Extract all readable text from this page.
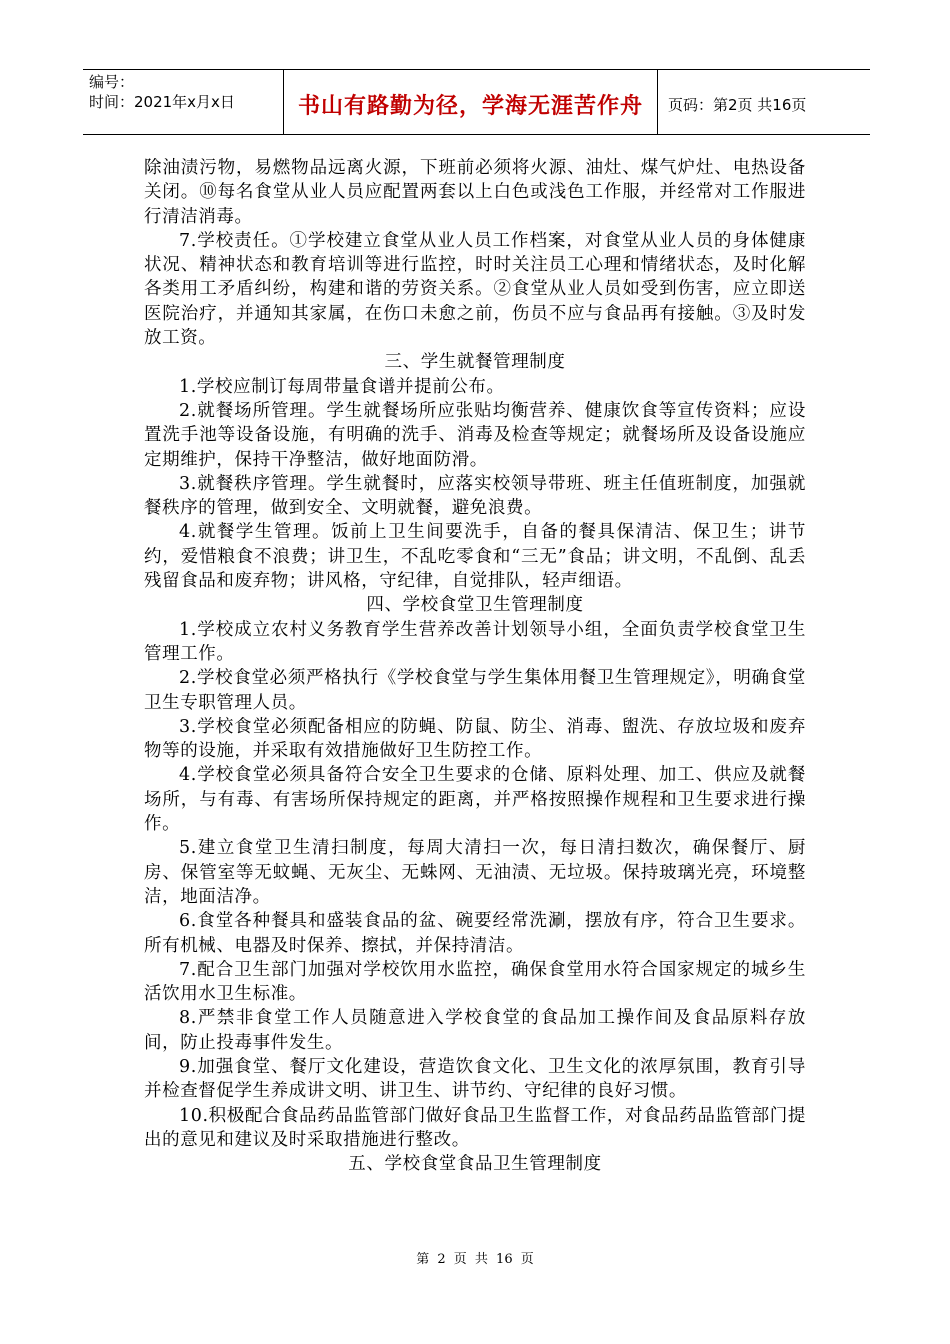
编号：
时间：2021年x月x日	书山有路勤为径，学海无涯苦作舟	页码：第2页 共16页

除油渍污物，易燃物品远离火源，下班前必须将火源、油灶、煤气炉灶、电热设备关闭。⑩每名食堂从业人员应配置两套以上白色或浅色工作服，并经常对工作服进行清洁消毒。

7.学校责任。①学校建立食堂从业人员工作档案，对食堂从业人员的身体健康状况、精神状态和教育培训等进行监控，时时关注员工心理和情绪状态，及时化解各类用工矛盾纠纷，构建和谐的劳资关系。②食堂从业人员如受到伤害，应立即送医院治疗，并通知其家属，在伤口未愈之前，伤员不应与食品再有接触。③及时发放工资。

三、学生就餐管理制度

1.学校应制订每周带量食谱并提前公布。

2.就餐场所管理。学生就餐场所应张贴均衡营养、健康饮食等宣传资料；应设置洗手池等设备设施，有明确的洗手、消毒及检查等规定；就餐场所及设备设施应定期维护，保持干净整洁，做好地面防滑。

3.就餐秩序管理。学生就餐时，应落实校领导带班、班主任值班制度，加强就餐秩序的管理，做到安全、文明就餐，避免浪费。

4.就餐学生管理。饭前上卫生间要洗手，自备的餐具保清洁、保卫生；讲节约，爱惜粮食不浪费；讲卫生，不乱吃零食和“三无”食品；讲文明，不乱倒、乱丢残留食品和废弃物；讲风格，守纪律，自觉排队，轻声细语。

四、学校食堂卫生管理制度

1.学校成立农村义务教育学生营养改善计划领导小组，全面负责学校食堂卫生管理工作。

2.学校食堂必须严格执行《学校食堂与学生集体用餐卫生管理规定》，明确食堂卫生专职管理人员。

3.学校食堂必须配备相应的防蝇、防鼠、防尘、消毒、盥洗、存放垃圾和废弃物等的设施，并采取有效措施做好卫生防控工作。

4.学校食堂必须具备符合安全卫生要求的仓储、原料处理、加工、供应及就餐场所，与有毒、有害场所保持规定的距离，并严格按照操作规程和卫生要求进行操作。

5.建立食堂卫生清扫制度，每周大清扫一次，每日清扫数次，确保餐厅、厨房、保管室等无蚊蝇、无灰尘、无蛛网、无油渍、无垃圾。保持玻璃光亮，环境整洁，地面洁净。

6.食堂各种餐具和盛装食品的盆、碗要经常洗涮，摆放有序，符合卫生要求。所有机械、电器及时保养、擦拭，并保持清洁。

7.配合卫生部门加强对学校饮用水监控，确保食堂用水符合国家规定的城乡生活饮用水卫生标准。

8.严禁非食堂工作人员随意进入学校食堂的食品加工操作间及食品原料存放间，防止投毒事件发生。

9.加强食堂、餐厅文化建设，营造饮食文化、卫生文化的浓厚氛围，教育引导并检查督促学生养成讲文明、讲卫生、讲节约、守纪律的良好习惯。

10.积极配合食品药品监管部门做好食品卫生监督工作，对食品药品监管部门提出的意见和建议及时采取措施进行整改。

五、学校食堂食品卫生管理制度

第 2 页 共 16 页
